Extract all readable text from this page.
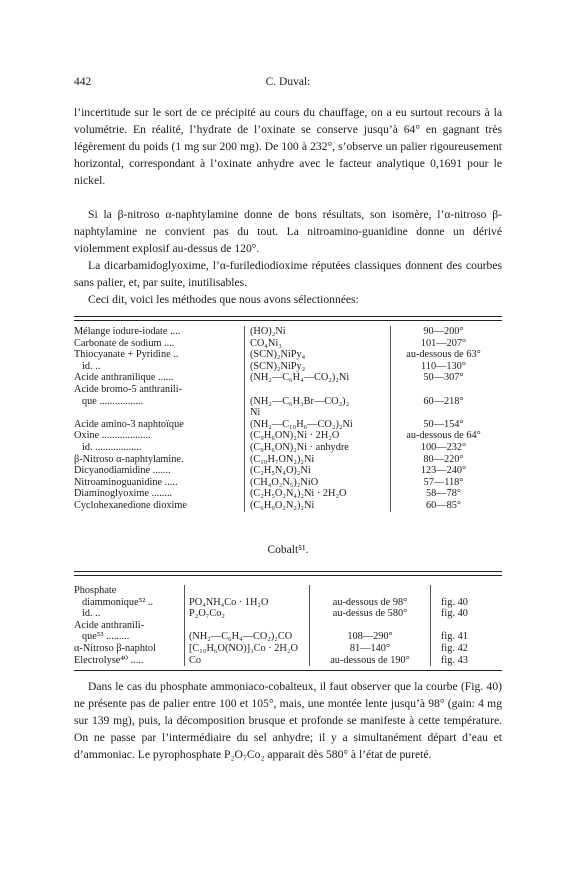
442	C. Duval:
l’incertitude sur le sort de ce précipité au cours du chauffage, on a eu surtout recours à la volumétrie. En réalité, l’hydrate de l’oxinate se conserve jusqu’à 64° en gagnant très légèrement du poids (1 mg sur 200 mg). De 100 à 232°, s’observe un palier rigoureusement horizontal, correspondant à l’oxinate anhydre avec le facteur analytique 0,1691 pour le nickel.
Si la β-nitroso α-naphtylamine donne de bons résultats, son isomère, l’α-nitroso β-naphtylamine ne convient pas du tout. La nitroamino-guanidine donne un dérivé violemment explosif au-dessus de 120°.
La dicarbamidoglyoxime, l’α-furilediodioxime réputées classiques donnent des courbes sans palier, et, par suite, inutilisables.
Ceci dit, voici les méthodes que nous avons sélectionnées:
Mélange iodure-iodate ....	(HO)₂Ni	90—200°
Carbonate de sodium ....	CO₄Ni₃	101—207°
Thiocyanate + Pyridine ..	(SCN)₂NiPy₄	au-dessous de 63°
id. ..	(SCN)₂NiPy₂	110—130°
Acide anthranilique ......	(NH₂—C₆H₄—CO₂)₂Ni	50—307°
Acide bromo-5 anthranili-		
que .................	(NH₂—C₆H₃Br—CO₂)₂	60—218°
	Ni	
Acide amino-3 naphtoïque	(NH₂—C₁₀H₆—CO₂)₂Ni	50—154°
Oxine ...................	(C₉H₆ON)₂Ni · 2H₂O	au-dessous de 64°
id. ..................	(C₉H₆ON)₂Ni · anhydre	100—232°
β-Nitroso α-naphtylamine.	(C₁₀H₇ON₂)₂Ni	80—220°
Dicyanodiamidine .......	(C₂H₅N₄O)₂Ni	123—240°
Nitroaminoguanidine .....	(CH₄O₂N₅)₂NiO	57—118°
Diaminoglyoxime ........	(C₂H₅O₂N₄)₂Ni · 2H₂O	58—78°
Cyclohexanedione dioxime	(C₆H₉O₂N₂)₂Ni	60—85°
Cobalt⁵¹.
Phosphate			
diammonique⁵² ..	PO₄NH₄Co · 1H₂O	au-dessous de 98°	fig. 40
id. ..	P₂O₇Co₂	au-dessus de 580°	fig. 40
Acide anthranili-			
que⁵³ .........	(NH₂—C₆H₄—CO₂)₂CO	108—290°	fig. 41
α-Nitroso β-naphtol	[C₁₀H₆O(NO)]₃Co · 2H₂O	81—140°	fig. 42
Electrolyse⁴⁰ .....	Co	au-dessous de 190°	fig. 43
Dans le cas du phosphate ammoniaco-cobalteux, il faut observer que la courbe (Fig. 40) ne présente pas de palier entre 100 et 105°, mais, une montée lente jusqu’à 98° (gain: 4 mg sur 139 mg), puis, la décomposition brusque et profonde se manifeste à cette température. On ne passe par l’intermédiaire du sel anhydre; il y a simultanément départ d’eau et d’ammoniac. Le pyrophosphate P₂O₇Co₂ apparait dès 580° à l’état de pureté.
